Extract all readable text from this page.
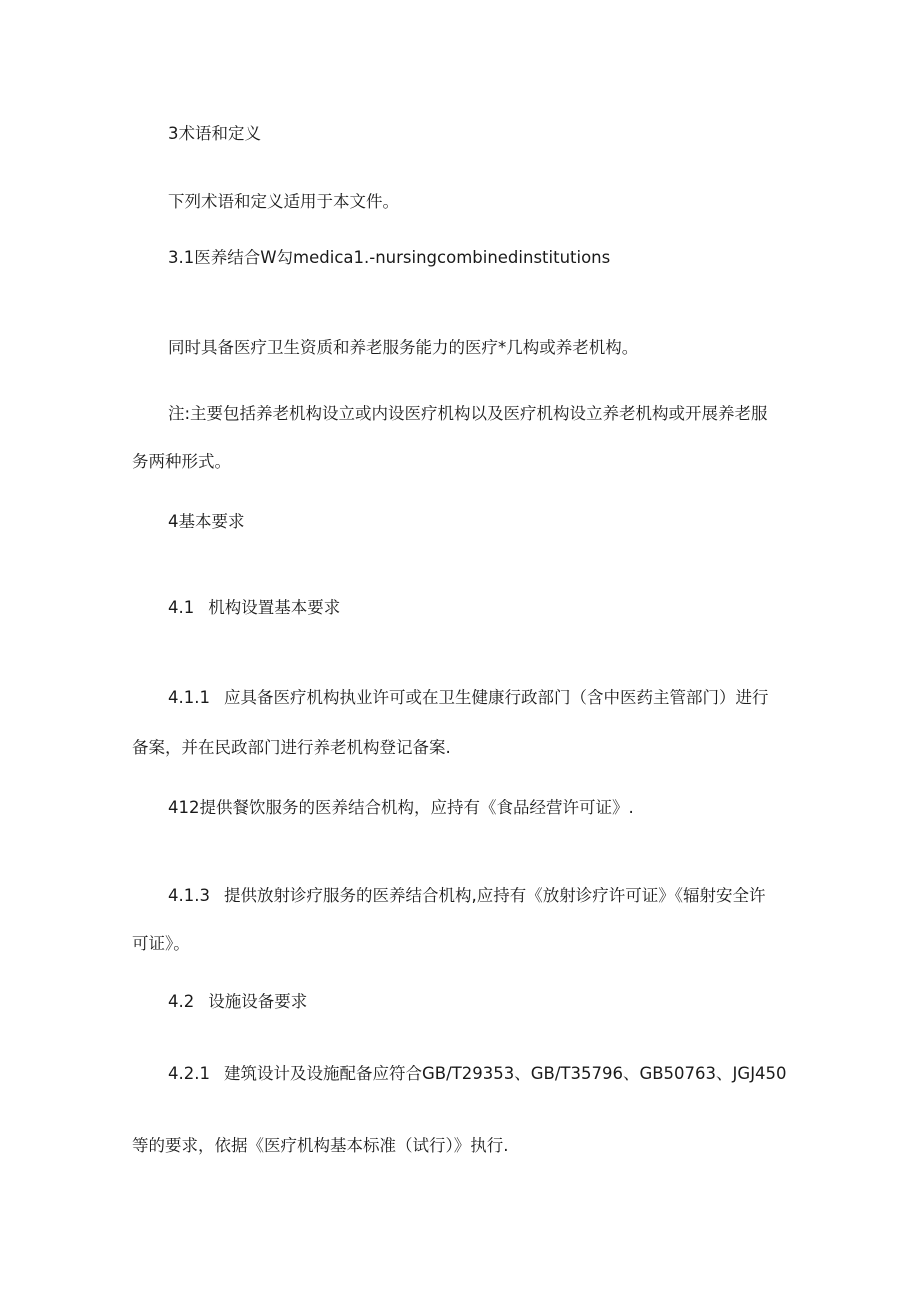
3术语和定义
下列术语和定义适用于本文件。
3.1医养结合W勾medica1.-nursingcombinedinstitutions
同时具备医疗卫生资质和养老服务能力的医疗*几构或养老机构。
注:主要包括养老机构设立或内设医疗机构以及医疗机构设立养老机构或开展养老服
务两种形式。
4基本要求
4.1 机构设置基本要求
4.1.1 应具备医疗机构执业许可或在卫生健康行政部门（含中医药主管部门）进行
备案，并在民政部门进行养老机构登记备案.
412提供餐饮服务的医养结合机构，应持有《食品经营许可证》.
4.1.3 提供放射诊疗服务的医养结合机构,应持有《放射诊疗许可证》《辐射安全许
可证》。
4.2 设施设备要求
4.2.1 建筑设计及设施配备应符合GB/T29353、GB/T35796、GB50763、JGJ450
等的要求，依据《医疗机构基本标准（试行）》执行.
